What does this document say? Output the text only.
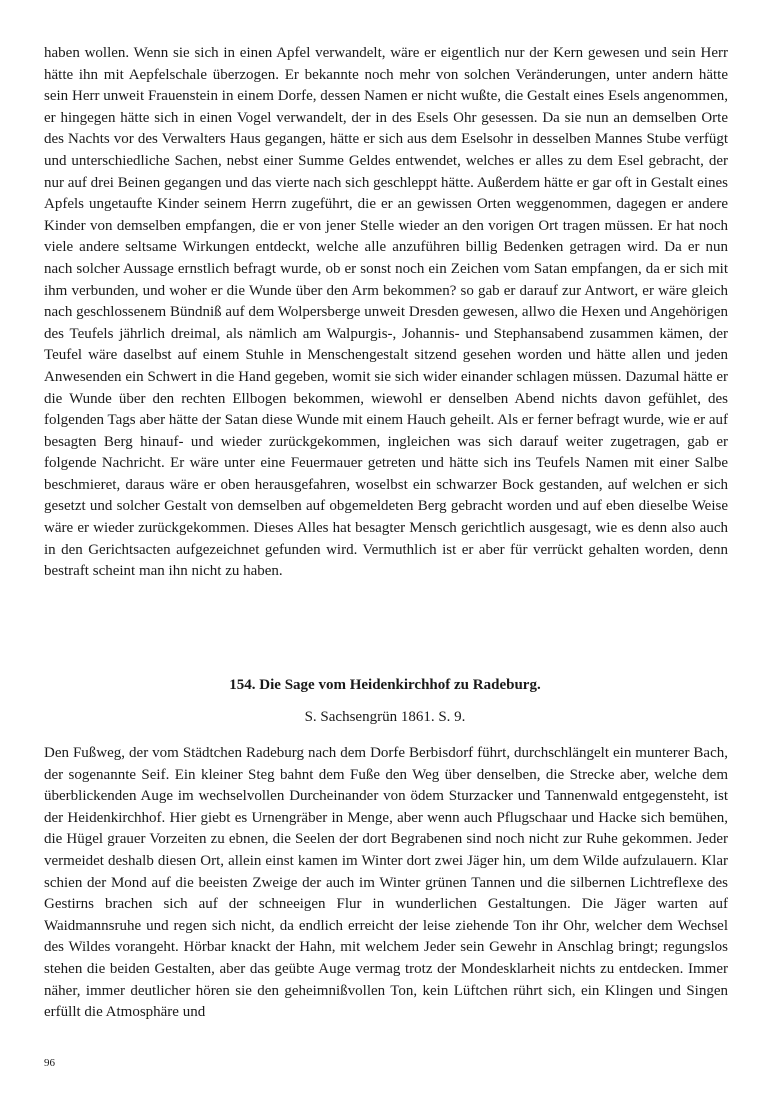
haben wollen. Wenn sie sich in einen Apfel verwandelt, wäre er eigentlich nur der Kern gewesen und sein Herr hätte ihn mit Aepfelschale überzogen. Er bekannte noch mehr von solchen Veränderungen, unter andern hätte sein Herr unweit Frauenstein in einem Dorfe, dessen Namen er nicht wußte, die Gestalt eines Esels angenommen, er hingegen hätte sich in einen Vogel verwandelt, der in des Esels Ohr gesessen. Da sie nun an demselben Orte des Nachts vor des Verwalters Haus gegangen, hätte er sich aus dem Eselsohr in desselben Mannes Stube verfügt und unterschiedliche Sachen, nebst einer Summe Geldes entwendet, welches er alles zu dem Esel gebracht, der nur auf drei Beinen gegangen und das vierte nach sich geschleppt hätte. Außerdem hätte er gar oft in Gestalt eines Apfels ungetaufte Kinder seinem Herrn zugeführt, die er an gewissen Orten weggenommen, dagegen er andere Kinder von demselben empfangen, die er von jener Stelle wieder an den vorigen Ort tragen müssen. Er hat noch viele andere seltsame Wirkungen entdeckt, welche alle anzuführen billig Bedenken getragen wird. Da er nun nach solcher Aussage ernstlich befragt wurde, ob er sonst noch ein Zeichen vom Satan empfangen, da er sich mit ihm verbunden, und woher er die Wunde über den Arm bekommen? so gab er darauf zur Antwort, er wäre gleich nach geschlossenem Bündniß auf dem Wolpersberge unweit Dresden gewesen, allwo die Hexen und Angehörigen des Teufels jährlich dreimal, als nämlich am Walpurgis-, Johannis- und Stephansabend zusammen kämen, der Teufel wäre daselbst auf einem Stuhle in Menschengestalt sitzend gesehen worden und hätte allen und jeden Anwesenden ein Schwert in die Hand gegeben, womit sie sich wider einander schlagen müssen. Dazumal hätte er die Wunde über den rechten Ellbogen bekommen, wiewohl er denselben Abend nichts davon gefühlet, des folgenden Tags aber hätte der Satan diese Wunde mit einem Hauch geheilt. Als er ferner befragt wurde, wie er auf besagten Berg hinauf- und wieder zurückgekommen, ingleichen was sich darauf weiter zugetragen, gab er folgende Nachricht. Er wäre unter eine Feuermauer getreten und hätte sich ins Teufels Namen mit einer Salbe beschmieret, daraus wäre er oben herausgefahren, woselbst ein schwarzer Bock gestanden, auf welchen er sich gesetzt und solcher Gestalt von demselben auf obgemeldeten Berg gebracht worden und auf eben dieselbe Weise wäre er wieder zurückgekommen. Dieses Alles hat besagter Mensch gerichtlich ausgesagt, wie es denn also auch in den Gerichtsacten aufgezeichnet gefunden wird. Vermuthlich ist er aber für verrückt gehalten worden, denn bestraft scheint man ihn nicht zu haben.
154. Die Sage vom Heidenkirchhof zu Radeburg.
S. Sachsengrün 1861. S. 9.
Den Fußweg, der vom Städtchen Radeburg nach dem Dorfe Berbisdorf führt, durchschlängelt ein munterer Bach, der sogenannte Seif. Ein kleiner Steg bahnt dem Fuße den Weg über denselben, die Strecke aber, welche dem überblickenden Auge im wechselvollen Durcheinander von ödem Sturzacker und Tannenwald entgegensteht, ist der Heidenkirchhof. Hier giebt es Urnengräber in Menge, aber wenn auch Pflugschaar und Hacke sich bemühen, die Hügel grauer Vorzeiten zu ebnen, die Seelen der dort Begrabenen sind noch nicht zur Ruhe gekommen. Jeder vermeidet deshalb diesen Ort, allein einst kamen im Winter dort zwei Jäger hin, um dem Wilde aufzulauern. Klar schien der Mond auf die beeisten Zweige der auch im Winter grünen Tannen und die silbernen Lichtreflexe des Gestirns brachen sich auf der schneeigen Flur in wunderlichen Gestaltungen. Die Jäger warten auf Waidmannsruhe und regen sich nicht, da endlich erreicht der leise ziehende Ton ihr Ohr, welcher dem Wechsel des Wildes vorangeht. Hörbar knackt der Hahn, mit welchem Jeder sein Gewehr in Anschlag bringt; regungslos stehen die beiden Gestalten, aber das geübte Auge vermag trotz der Mondesklarheit nichts zu entdecken. Immer näher, immer deutlicher hören sie den geheimnißvollen Ton, kein Lüftchen rührt sich, ein Klingen und Singen erfüllt die Atmosphäre und
96
